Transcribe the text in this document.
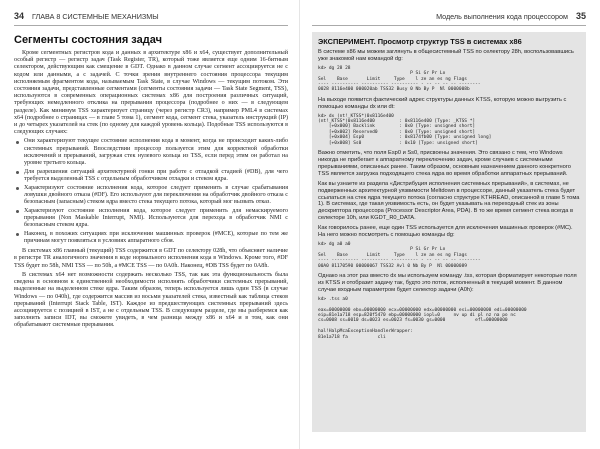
34 ГЛАВА 8 СИСТЕМНЫЕ МЕХАНИЗМЫ
Сегменты состояния задач

Кроме сегментных регистров кода и данных в архитектуре x86 и x64, существует дополнительный особый регистр — регистр задач (Task Register, TR), который тоже является еще одним 16-битным селектором, действующим как смещение в GDT. Однако в данном случае сегмент ассоциируется не с кодом или данными, а с задачей. С точки зрения внутреннего состояния процессора текущим исполняемым фрагментом кода, называемым Task State, в случае Windows — текущим потоком. Эти состояния задачи, представленные сегментами (сегменты состояния задачи — Task State Segment, TSS), используются в современных операционных системах x86 для построения различных ситуаций, требующих немедленного отклика на прерывания процессора (подробнее о них — в следующем разделе). Как минимум TSS характеризует страницу (через регистр CR3), например PML4 в системах x64 (подробнее о страницах — в главе 5 тома 1), сегмент кода, сегмент стека, указатель инструкций (IP) и до четырех указателей на стек (по одному для каждой уровень кольца). Подобные TSS используются в следующих случаях:

Они характеризуют текущее состояние исполнения кода в момент, когда не происходит каких-либо системных прерываний. Впоследствии процессор пользуется этим для корректной обработки исключений и прерываний, загружая стек нулевого кольца из TSS, если перед этим он работал на уровне третьего кольца.
Для разрешения ситуаций архитектурной гонки при работе с отладкой стадией (#DB), для чего требуется выделенный TSS с отдельным обработчиком отладки и стеком ядра.
Характеризуют состояние исполнения кода, которое следует применить в случае срабатывания ловушки двойного отказа (#DF). Его используют для переключения на обработчик двойного отказа с безопасным (запасным) стеком ядра вместо стека текущего потока, который мог вызвать отказ.
Характеризуют состояние исполнения кода, которое следует применить для немаскируемого прерывания (Non Maskable Interrupt, NMI). Используются для перехода в обработчик NMI с безопасным стеком ядра.
Наконец, в похожих ситуациях при исключении машинных проверок (#MCE), которые по тем же причинам могут появляться в условиях аппаратного сбоя.

В системах x86 главный (текущий) TSS содержится в GDT по селектору 028h, что объясняет наличие в регистре TR аналогичного значения в коде нормального исполнения кода в Windows. Кроме того, #DF TSS будет по 58h, NMI TSS — по 50h, а #MCE TSS — по 0A0h. Наконец, #DB TSS будет по 0A8h.

В системах x64 нет возможности содержать несколько TSS, так как эта функциональность была сведена в основном к единственной необходимости исполнять обработчики системных прерываний, выделенные на выделенном стеке ядра. Таким образом, теперь используется лишь один TSS (в случае Windows — по 040h), где содержится массив из восьми указателей стека, известный как таблица стеков прерываний (Interrupt Stack Table, IST). Каждое из предшествующих системных прерываний здесь ассоциируется с позицией в IST, а не с отдельным TSS. В следующем разделе, где мы разберемся как заполнить записи IDT, вы сможете увидеть, в чем разница между x86 и x64 и в том, как они обрабатывают системные прерывания.

Модель выполнения кода процессором 35
ЭКСПЕРИМЕНТ. Просмотр структур TSS в системах x86

В системе x86 мы можем заглянуть в общесистемный TSS по селектору 28h, воспользовавшись уже знакомой нам командой dg:

kd> dg 28 28
P Si Gr Pr Lo
Sel    Base       Limit     Type    l ze an es ng Flags
---- ---------- ---------- ---------- - -- -- -- -- --------
0028 8116e400 000020ab TSS32 Busy 0 Nb By P  Nl 0000008b

На выходе появится фактический адрес структуры данных KTSS, которую можно выгрузить с помощью команды dx или dt:

kd> dx (nt!_KTSS*)0x8116e400
(nt!_KTSS*)0x8116e400         : 0x8116e400 [Type: _KTSS *]
[+0x000] Backlink         : 0x0 [Type: unsigned short]
[+0x002] Reserved0        : 0x0 [Type: unsigned short]
[+0x004] Esp0             : 0x8174fb00 [Type: unsigned long]
[+0x008] Ss0              : 0x10 [Type: unsigned short]

Важно отметить, что поля Esp0 и Ss0, присвоены значения. Это связано с тем, что Windows никогда не прибегает к аппаратному переключению задач, кроме случаев с системными прерываниями, описанных ранее. Таким образом, основным назначением данного конкретного TSS является загрузка подходящего стека ядра во время обработки аппаратных прерываний.

Как вы узнаете из раздела «Дистрибуция исполнения системных прерываний», в системах, не подверженных архитектурной уязвимости Meltdown в процессоре, данный указатель стека будет ссылаться на стек ядра текущего потока (согласно структуре KTHREAD, описанной в главе 5 тома 1). В системах, где такая уязвимость есть, он будет указывать на переходный стек из зоны дескриптора процессора (Processor Descriptor Area, PDA). В то же время сегмент стека всегда в селекторе 10h, или KGDT_R0_DATA.

Как говорилось ранее, еще один TSS используется для исключения машинных проверок (#MC). На него можно посмотреть с помощью команды dg:

kd> dg a0 a0
P Si Gr Pr Lo
Sel    Base       Limit     Type    l ze an es ng Flags
---- ---------- ---------- ---------- - -- -- -- -- --------
00A0 81170590 00000067 TSS32 Avl 0 Nb By P  Nl 00000089

Однако на этот раз вместо dx мы используем команду .tss, которая форматирует некоторые поля из KTSS и отобразит задачу так, будто это поток, исполненный в текущий момент. В данном случае входным параметром будет селектор задачи (A0h):

kd> .tss a0

eax=00000000 ebx=00000000 ecx=00000000 edx=00000000 esi=00000000 edi=00000000
eip=81e1a718 esp=820f5470 ebp=00000000 iopl=0     nv up di pl nz na po nc
cs=0008 ss=0010 ds=0023 es=0023 fs=0030 gs=0000           efl=00000000

hal!HalpMcaExceptionHandlerWrapper:
81e1a718 fa           cli
